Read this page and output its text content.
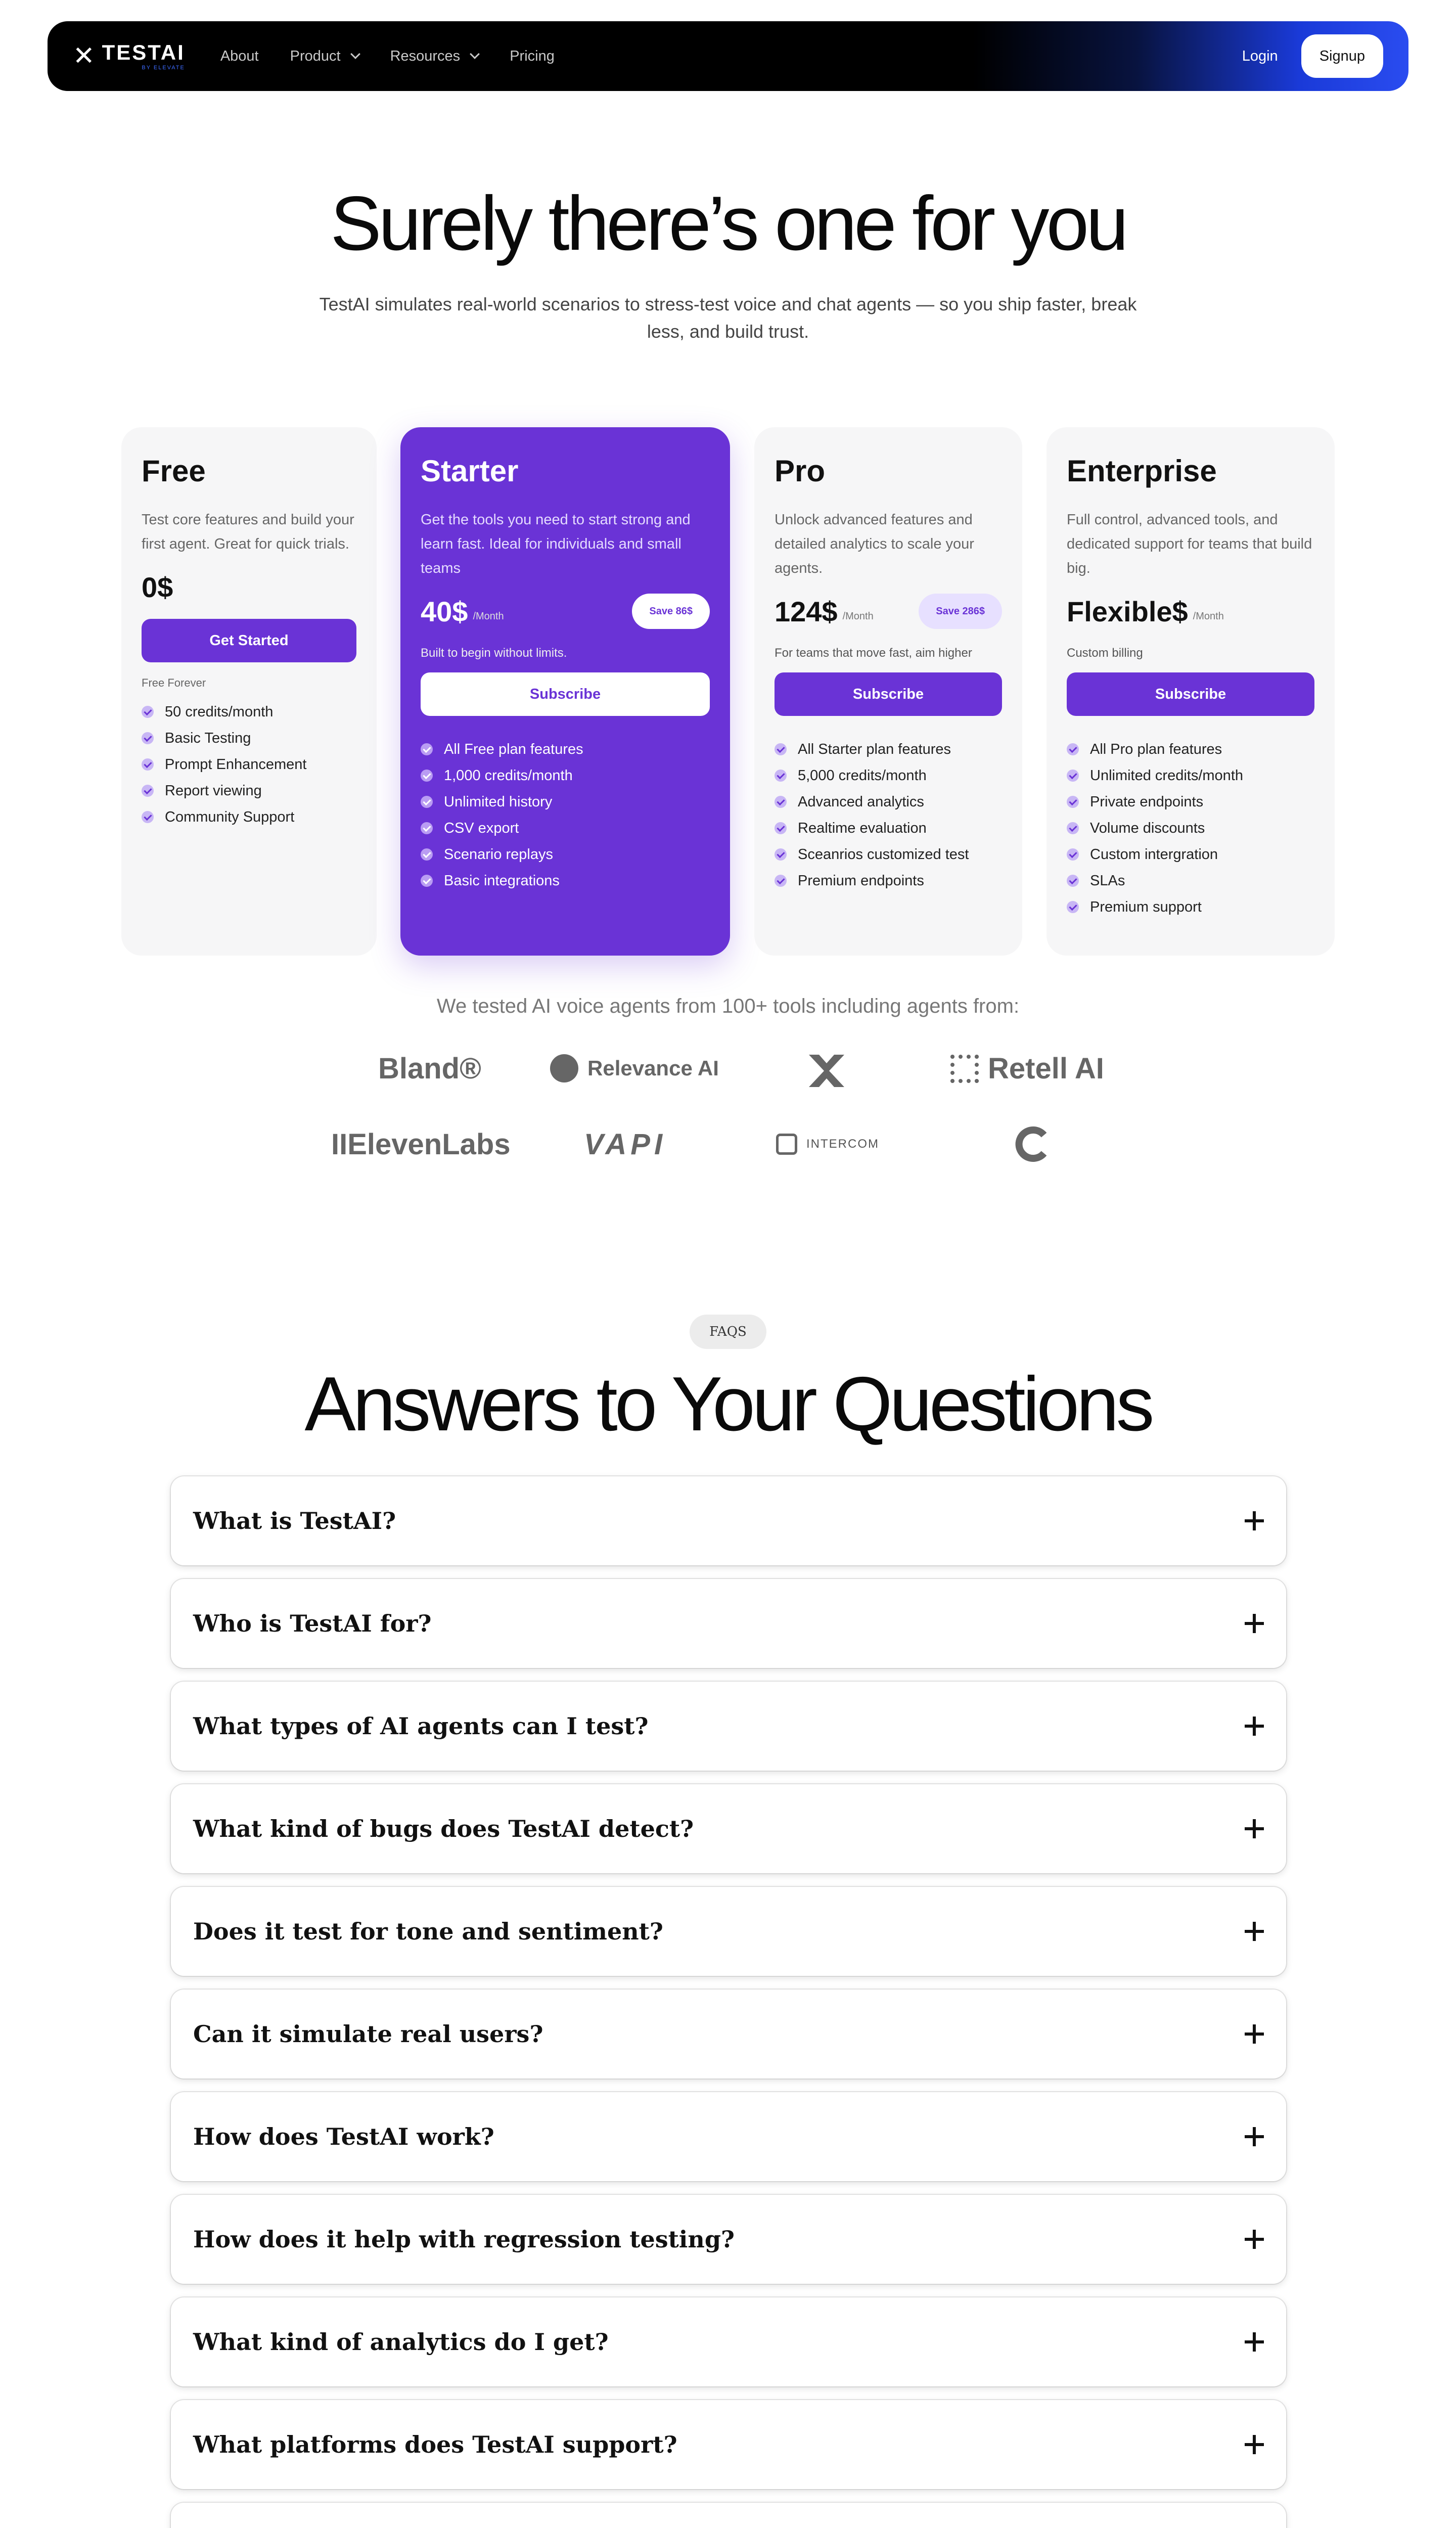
✕ TESTAI
BY ELEVATE
About Product	Resources	Pricing	Login	Signup
Surely there’s one for you
TestAI simulates real-world scenarios to stress-test voice and chat agents — so you ship faster, break less, and build trust.
Free
Test core features and build your first agent. Great for quick trials.
0$
Get Started
Free Forever
50 credits/month
Basic Testing
Prompt Enhancement
Report viewing
Community Support
Starter
Get the tools you need to start strong and learn fast. Ideal for individuals and small teams
40$ /Month	Save 86$
Built to begin without limits.
Subscribe
All Free plan features
1,000 credits/month
Unlimited history
CSV export
Scenario replays
Basic integrations
Pro
Unlock advanced features and detailed analytics to scale your agents.
124$ /Month	Save 286$
For teams that move fast, aim higher
Subscribe
All Starter plan features
5,000 credits/month
Advanced analytics
Realtime evaluation
Sceanrios customized test
Premium endpoints
Enterprise
Full control, advanced tools, and dedicated support for teams that build big.
Flexible$ /Month
Custom billing
Subscribe
All Pro plan features
Unlimited credits/month
Private endpoints
Volume discounts
Custom intergration
SLAs
Premium support
We tested AI voice agents from 100+ tools including agents from:
Bland®	Relevance AI	Retell AI
IIElevenLabs	VAPI	INTERCOM
FAQS
Answers to Your Questions
What is TestAI?
Who is TestAI for?
What types of AI agents can I test?
What kind of bugs does TestAI detect?
Does it test for tone and sentiment?
Can it simulate real users?
How does TestAI work?
How does it help with regression testing?
What kind of analytics do I get?
What platforms does TestAI support?
